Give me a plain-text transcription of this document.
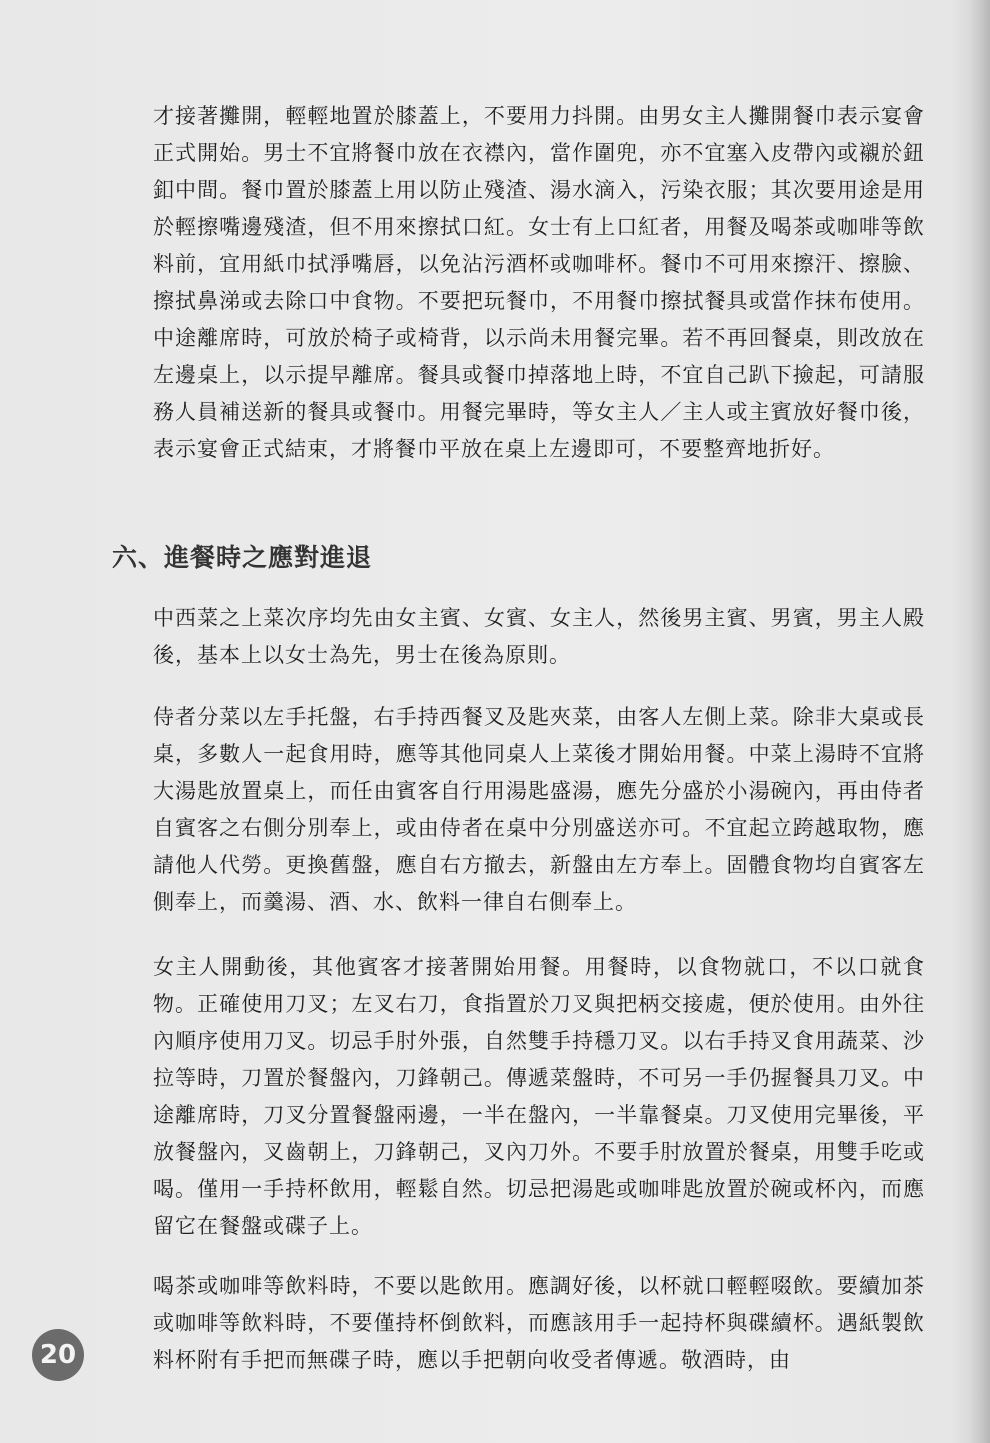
才接著攤開，輕輕地置於膝蓋上，不要用力抖開。由男女主人攤開餐巾表示宴會正式開始。男士不宜將餐巾放在衣襟內，當作圍兜，亦不宜塞入皮帶內或襯於鈕釦中間。餐巾置於膝蓋上用以防止殘渣、湯水滴入，污染衣服；其次要用途是用於輕擦嘴邊殘渣，但不用來擦拭口紅。女士有上口紅者，用餐及喝茶或咖啡等飲料前，宜用紙巾拭淨嘴唇，以免沾污酒杯或咖啡杯。餐巾不可用來擦汗、擦臉、擦拭鼻涕或去除口中食物。不要把玩餐巾，不用餐巾擦拭餐具或當作抹布使用。中途離席時，可放於椅子或椅背，以示尚未用餐完畢。若不再回餐桌，則改放在左邊桌上，以示提早離席。餐具或餐巾掉落地上時，不宜自己趴下撿起，可請服務人員補送新的餐具或餐巾。用餐完畢時，等女主人／主人或主賓放好餐巾後，表示宴會正式結束，才將餐巾平放在桌上左邊即可，不要整齊地折好。

六、進餐時之應對進退

中西菜之上菜次序均先由女主賓、女賓、女主人，然後男主賓、男賓，男主人殿後，基本上以女士為先，男士在後為原則。

侍者分菜以左手托盤，右手持西餐叉及匙夾菜，由客人左側上菜。除非大桌或長桌，多數人一起食用時，應等其他同桌人上菜後才開始用餐。中菜上湯時不宜將大湯匙放置桌上，而任由賓客自行用湯匙盛湯，應先分盛於小湯碗內，再由侍者自賓客之右側分別奉上，或由侍者在桌中分別盛送亦可。不宜起立跨越取物，應請他人代勞。更換舊盤，應自右方撤去，新盤由左方奉上。固體食物均自賓客左側奉上，而羹湯、酒、水、飲料一律自右側奉上。

女主人開動後，其他賓客才接著開始用餐。用餐時，以食物就口，不以口就食物。正確使用刀叉；左叉右刀，食指置於刀叉與把柄交接處，便於使用。由外往內順序使用刀叉。切忌手肘外張，自然雙手持穩刀叉。以右手持叉食用蔬菜、沙拉等時，刀置於餐盤內，刀鋒朝己。傳遞菜盤時，不可另一手仍握餐具刀叉。中途離席時，刀叉分置餐盤兩邊，一半在盤內，一半靠餐桌。刀叉使用完畢後，平放餐盤內，叉齒朝上，刀鋒朝己，叉內刀外。不要手肘放置於餐桌，用雙手吃或喝。僅用一手持杯飲用，輕鬆自然。切忌把湯匙或咖啡匙放置於碗或杯內，而應留它在餐盤或碟子上。

喝茶或咖啡等飲料時，不要以匙飲用。應調好後，以杯就口輕輕啜飲。要續加茶或咖啡等飲料時，不要僅持杯倒飲料，而應該用手一起持杯與碟續杯。遇紙製飲料杯附有手把而無碟子時，應以手把朝向收受者傳遞。敬酒時，由

20
